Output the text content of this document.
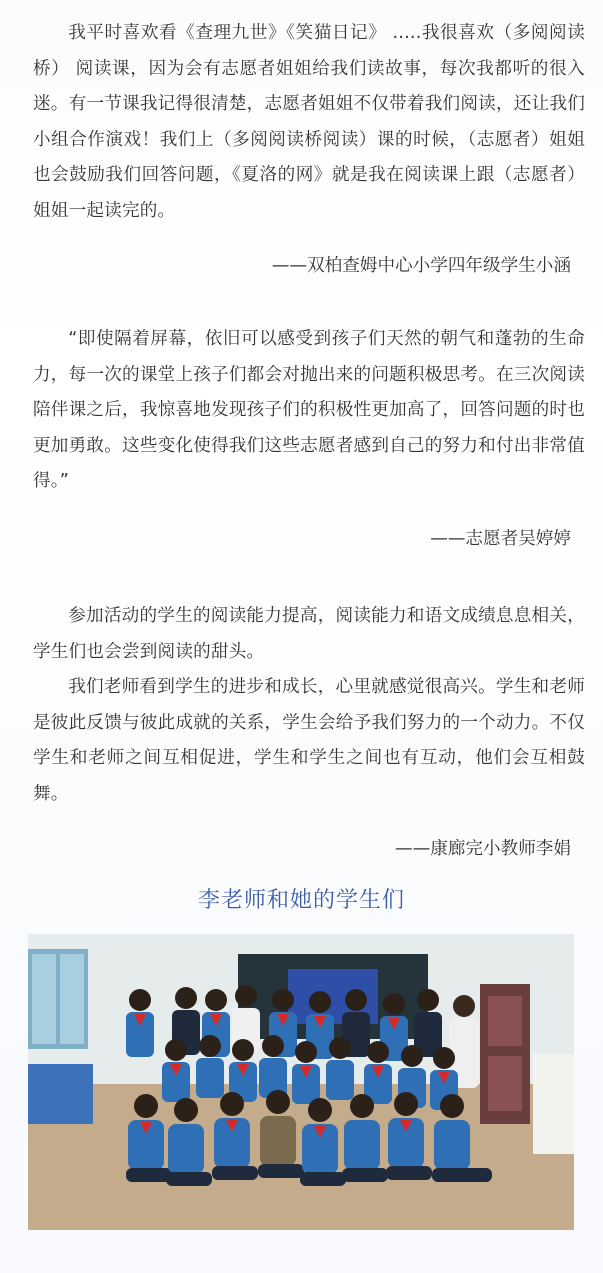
我平时喜欢看《查理九世》《笑猫日记》 .....我很喜欢（多阅阅读桥） 阅读课，因为会有志愿者姐姐给我们读故事，每次我都听的很入迷。有一节课我记得很清楚，志愿者姐姐不仅带着我们阅读，还让我们小组合作演戏！我们上（多阅阅读桥阅读）课的时候，（志愿者）姐姐也会鼓励我们回答问题，《夏洛的网》就是我在阅读课上跟（志愿者）姐姐一起读完的。

——双柏查姆中心小学四年级学生小涵

“即使隔着屏幕，依旧可以感受到孩子们天然的朝气和蓬勃的生命力，每一次的课堂上孩子们都会对抛出来的问题积极思考。在三次阅读陪伴课之后，我惊喜地发现孩子们的积极性更加高了，回答问题的时也更加勇敢。这些变化使得我们这些志愿者感到自己的努力和付出非常值得。”

——志愿者吴婷婷

参加活动的学生的阅读能力提高，阅读能力和语文成绩息息相关，学生们也会尝到阅读的甜头。

我们老师看到学生的进步和成长，心里就感觉很高兴。学生和老师是彼此反馈与彼此成就的关系，学生会给予我们努力的一个动力。不仅学生和老师之间互相促进，学生和学生之间也有互动，他们会互相鼓舞。

——康廊完小教师李娟

李老师和她的学生们
